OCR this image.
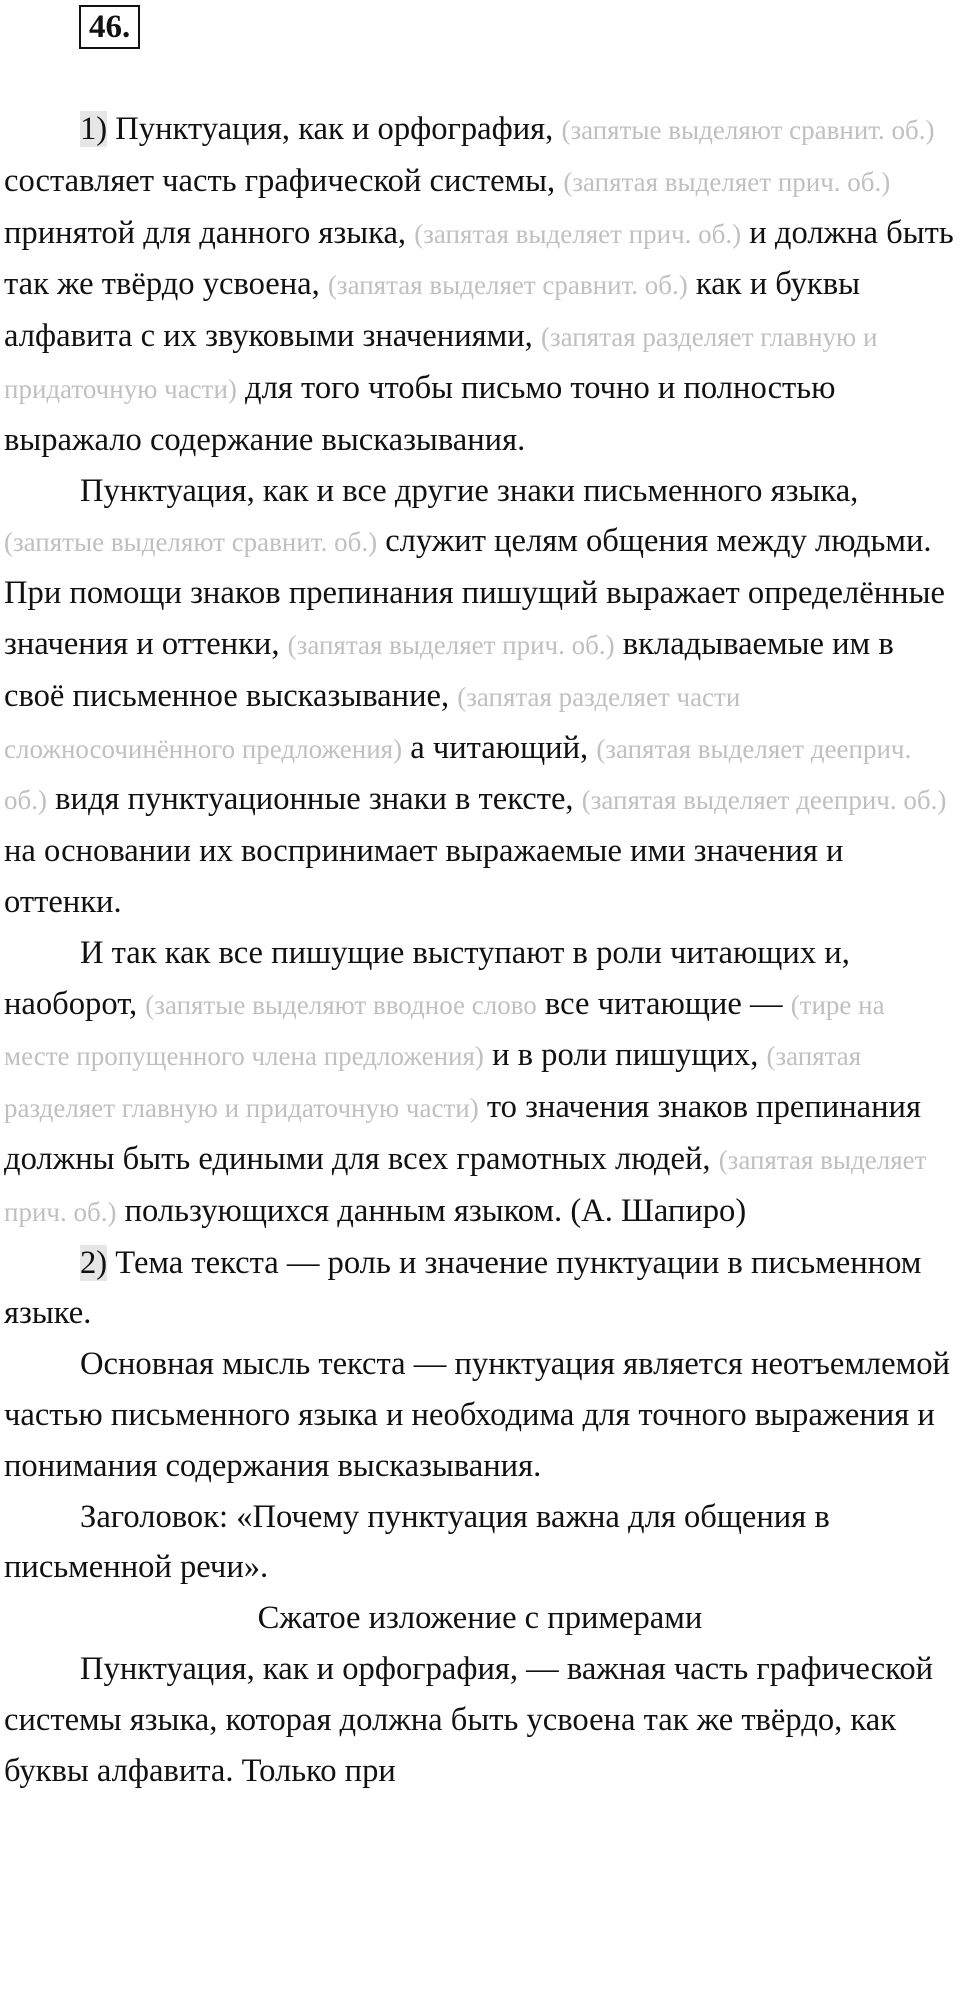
46.

1) Пунктуация, как и орфография, (запятые выделяют сравнит. об.) составляет часть графической системы, (запятая выделяет прич. об.) принятой для данного языка, (запятая выделяет прич. об.) и должна быть так же твёрдо усвоена, (запятая выделяет сравнит. об.) как и буквы алфавита с их звуковыми значениями, (запятая разделяет главную и придаточную части) для того чтобы письмо точно и полностью выражало содержание высказывания.

Пунктуация, как и все другие знаки письменного языка, (запятые выделяют сравнит. об.) служит целям общения между людьми. При помощи знаков препинания пишущий выражает определённые значения и оттенки, (запятая выделяет прич. об.) вкладываемые им в своё письменное высказывание, (запятая разделяет части сложносочинённого предложения) а читающий, (запятая выделяет дееприч. об.) видя пунктуационные знаки в тексте, (запятая выделяет дееприч. об.) на основании их воспринимает выражаемые ими значения и оттенки.

И так как все пишущие выступают в роли читающих и, наоборот, (запятые выделяют вводное слово все читающие — (тире на месте пропущенного члена предложения) и в роли пишущих, (запятая разделяет главную и придаточную части) то значения знаков препинания должны быть едиными для всех грамотных людей, (запятая выделяет прич. об.) пользующихся данным языком. (А. Шапиро)

2) Тема текста — роль и значение пунктуации в письменном языке.

Основная мысль текста — пунктуация является неотъемлемой частью письменного языка и необходима для точного выражения и понимания содержания высказывания.

Заголовок: «Почему пунктуация важна для общения в письменной речи».

Сжатое изложение с примерами

Пунктуация, как и орфография, — важная часть графической системы языка, которая должна быть усвоена так же твёрдо, как буквы алфавита. Только при
